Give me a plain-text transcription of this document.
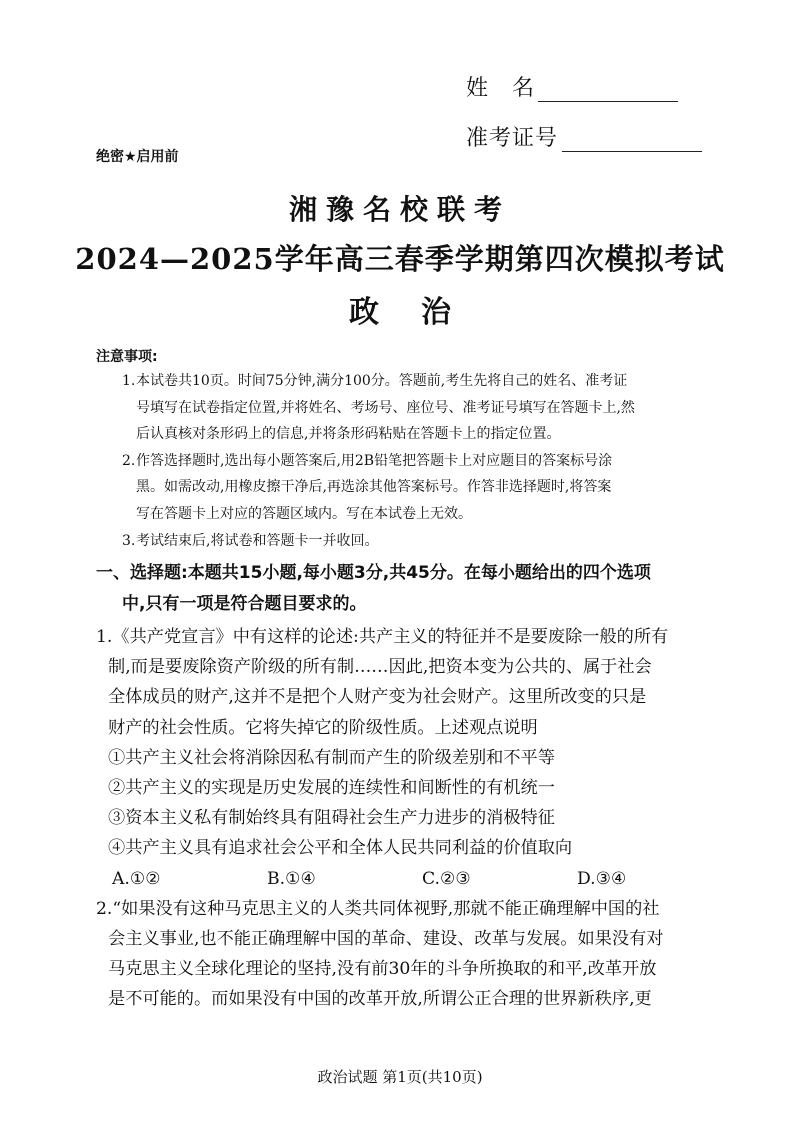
姓名
准考证号
绝密★启用前
湘豫名校联考
2024—2025学年高三春季学期第四次模拟考试
政治
注意事项:
1. 本试卷共10页。时间75分钟,满分100分。答题前,考生先将自己的姓名、准考证
号填写在试卷指定位置,并将姓名、考场号、座位号、准考证号填写在答题卡上,然
后认真核对条形码上的信息,并将条形码粘贴在答题卡上的指定位置。
2. 作答选择题时,选出每小题答案后,用2B铅笔把答题卡上对应题目的答案标号涂
黑。如需改动,用橡皮擦干净后,再选涂其他答案标号。作答非选择题时,将答案
写在答题卡上对应的答题区域内。写在本试卷上无效。
3. 考试结束后,将试卷和答题卡一并收回。
一、选择题:本题共15小题,每小题3分,共45分。在每小题给出的四个选项
中,只有一项是符合题目要求的。
1.《共产党宣言》中有这样的论述:共产主义的特征并不是要废除一般的所有
制,而是要废除资产阶级的所有制……因此,把资本变为公共的、属于社会
全体成员的财产,这并不是把个人财产变为社会财产。这里所改变的只是
财产的社会性质。它将失掉它的阶级性质。上述观点说明
①共产主义社会将消除因私有制而产生的阶级差别和不平等
②共产主义的实现是历史发展的连续性和间断性的有机统一
③资本主义私有制始终具有阻碍社会生产力进步的消极特征
④共产主义具有追求社会公平和全体人民共同利益的价值取向
A.①②	B.①④	C.②③	D.③④
2.“如果没有这种马克思主义的人类共同体视野,那就不能正确理解中国的社
会主义事业,也不能正确理解中国的革命、建设、改革与发展。如果没有对
马克思主义全球化理论的坚持,没有前30年的斗争所换取的和平,改革开放
是不可能的。而如果没有中国的改革开放,所谓公正合理的世界新秩序,更
政治试题 第1页(共10页)
